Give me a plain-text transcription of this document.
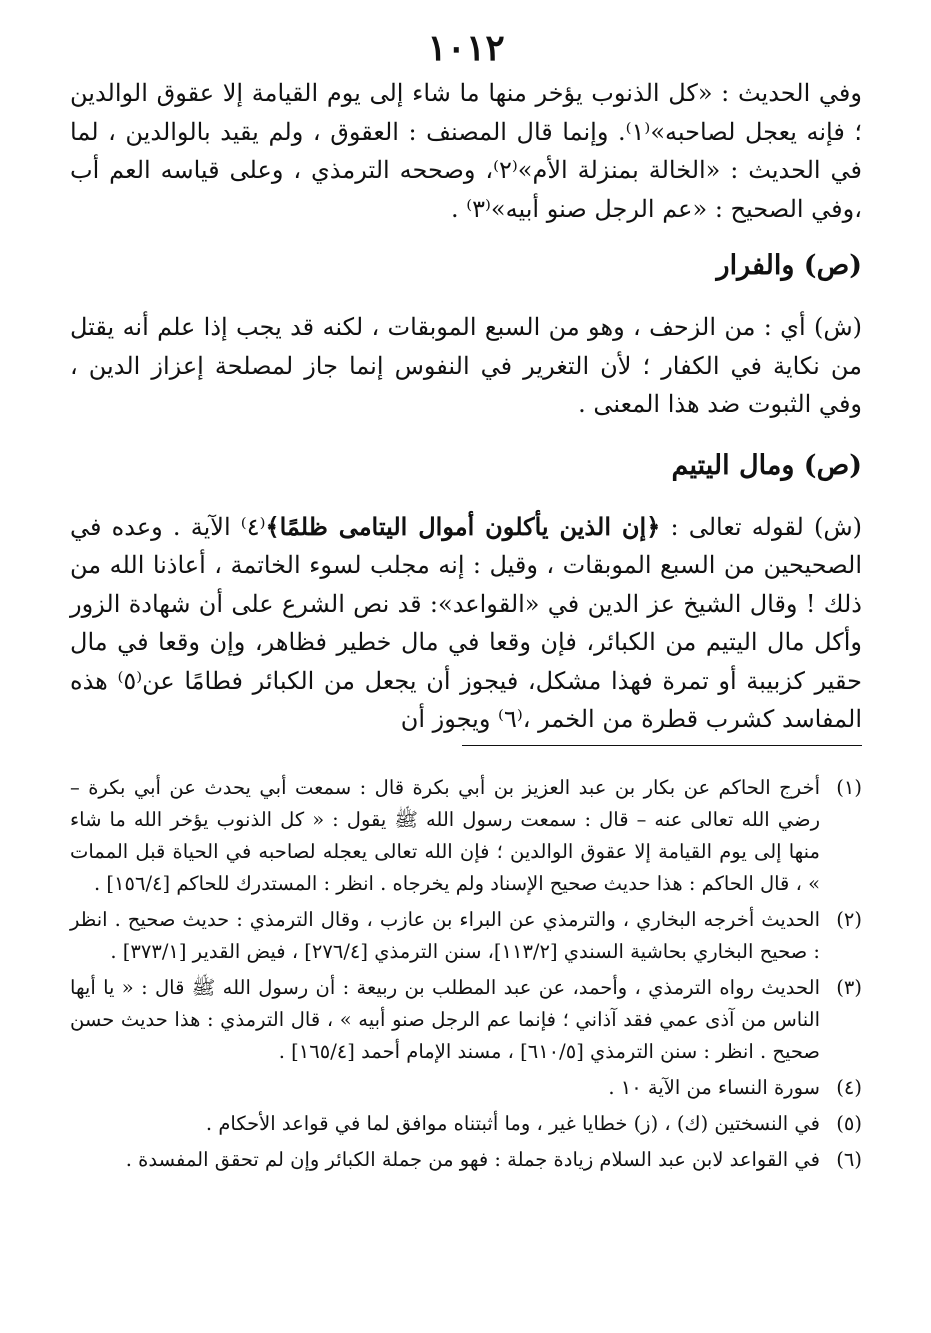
١٠١٢

وفي الحديث : «كل الذنوب يؤخر منها ما شاء إلى يوم القيامة إلا عقوق الوالدين ؛ فإنه يعجل لصاحبه»⁽١⁾. وإنما قال المصنف : العقوق ، ولم يقيد بالوالدين ، لما في الحديث : «الخالة بمنزلة الأم»⁽٢⁾، وصححه الترمذي ، وعلى قياسه العم أب ،وفي الصحيح : «عم الرجل صنو أبيه»⁽٣⁾ .

(ص) والفرار

(ش) أي : من الزحف ، وهو من السبع الموبقات ، لكنه قد يجب إذا علم أنه يقتل من نكاية في الكفار ؛ لأن التغرير في النفوس إنما جاز لمصلحة إعزاز الدين ، وفي الثبوت ضد هذا المعنى .

(ص) ومال اليتيم

(ش) لقوله تعالى : ﴿إن الذين يأكلون أموال اليتامى ظلمًا﴾⁽٤⁾ الآية . وعده في الصحيحين من السبع الموبقات ، وقيل : إنه مجلب لسوء الخاتمة ، أعاذنا الله من ذلك ! وقال الشيخ عز الدين في «القواعد»: قد نص الشرع على أن شهادة الزور وأكل مال اليتيم من الكبائر، فإن وقعا في مال خطير فظاهر، وإن وقعا في مال حقير كزبيبة أو تمرة فهذا مشكل، فيجوز أن يجعل من الكبائر فطامًا عن⁽٥⁾ هذه المفاسد كشرب قطرة من الخمر ،⁽٦⁾ ويجوز أن

(١)
أخرج الحاكم عن بكار بن عبد العزيز بن أبي بكرة قال : سمعت أبي يحدث عن أبي بكرة – رضي الله تعالى عنه – قال : سمعت رسول الله ﷺ يقول : « كل الذنوب يؤخر الله ما شاء منها إلى يوم القيامة إلا عقوق الوالدين ؛ فإن الله تعالى يعجله لصاحبه في الحياة قبل الممات » ، قال الحاكم : هذا حديث صحيح الإسناد ولم يخرجاه . انظر : المستدرك للحاكم [١٥٦/٤] .
(٢)
الحديث أخرجه البخاري ، والترمذي عن البراء بن عازب ، وقال الترمذي : حديث صحيح . انظر : صحيح البخاري بحاشية السندي [١١٣/٢]، سنن الترمذي [٢٧٦/٤] ، فيض القدير [٣٧٣/١] .
(٣)
الحديث رواه الترمذي ، وأحمد، عن عبد المطلب بن ربيعة : أن رسول الله ﷺ قال : « يا أيها الناس من آذى عمي فقد آذاني ؛ فإنما عم الرجل صنو أبيه » ، قال الترمذي : هذا حديث حسن صحيح . انظر : سنن الترمذي [٦١٠/٥] ، مسند الإمام أحمد [١٦٥/٤] .
(٤)
سورة النساء من الآية ١٠ .
(٥)
في النسختين (ك) ، (ز) خطايا غير ، وما أثبتناه موافق لما في قواعد الأحكام .
(٦)
في القواعد لابن عبد السلام زيادة جملة : فهو من جملة الكبائر وإن لم تحقق المفسدة .
